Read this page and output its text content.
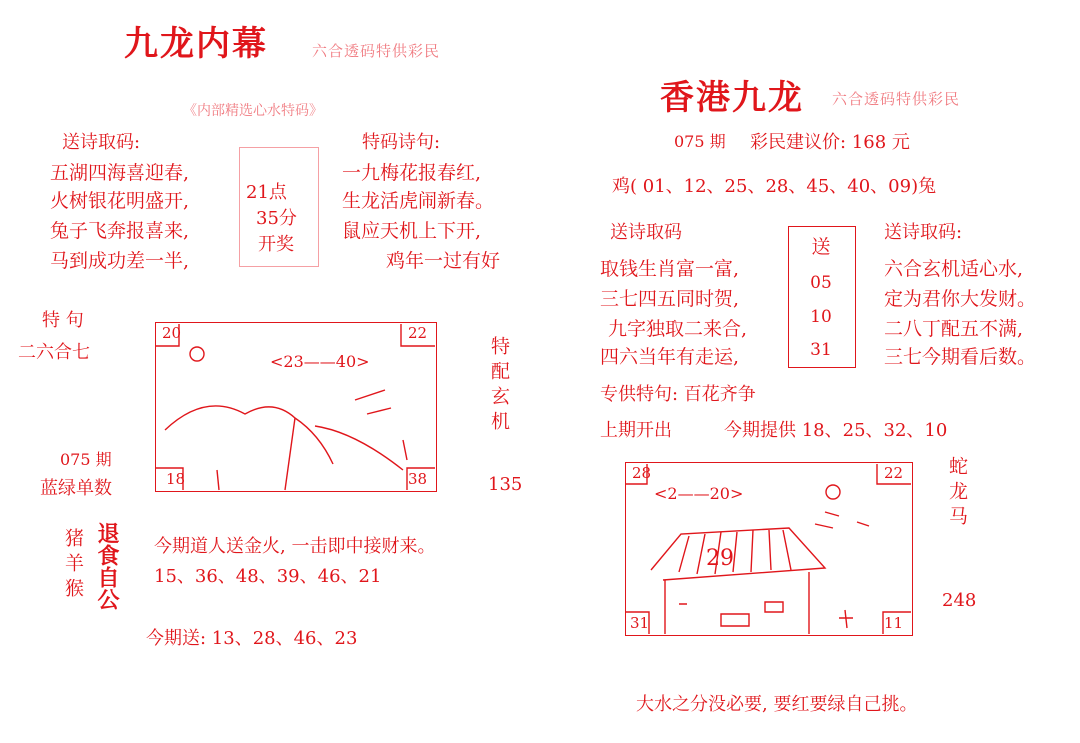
九龙内幕	六合透码特供彩民
《内部精选心水特码》
送诗取码:
五湖四海喜迎春,
火树银花明盛开,
兔子飞奔报喜来,
马到成功差一半,
21点
35分
开奖
特码诗句:
一九梅花报春红,
生龙活虎闹新春。
鼠应天机上下开,
鸡年一过有好
特 句
二六合七
075 期
蓝绿单数
20	22
18	38
<23——40>	特配玄机
135
猪羊猴 退食自公 今期道人送金火, 一击即中接财来。
15、36、48、39、46、21
今期送: 13、28、46、23
香港九龙 六合透码特供彩民
075 期 彩民建议价: 168 元
鸡( 01、12、25、28、45、40、09)兔
送诗取码
取钱生肖富一富,
三七四五同时贺,
九字独取二来合,
四六当年有走运,
送
05
10
31
送诗取码:
六合玄机适心水,
定为君你大发财。
二八丁配五不满,
三七今期看后数。
专供特句: 百花齐争
上期开出	今期提供 18、25、32、10
28	22
31	11
<2——20>
29
蛇龙马
248
大水之分没必要, 要红要绿自己挑。
